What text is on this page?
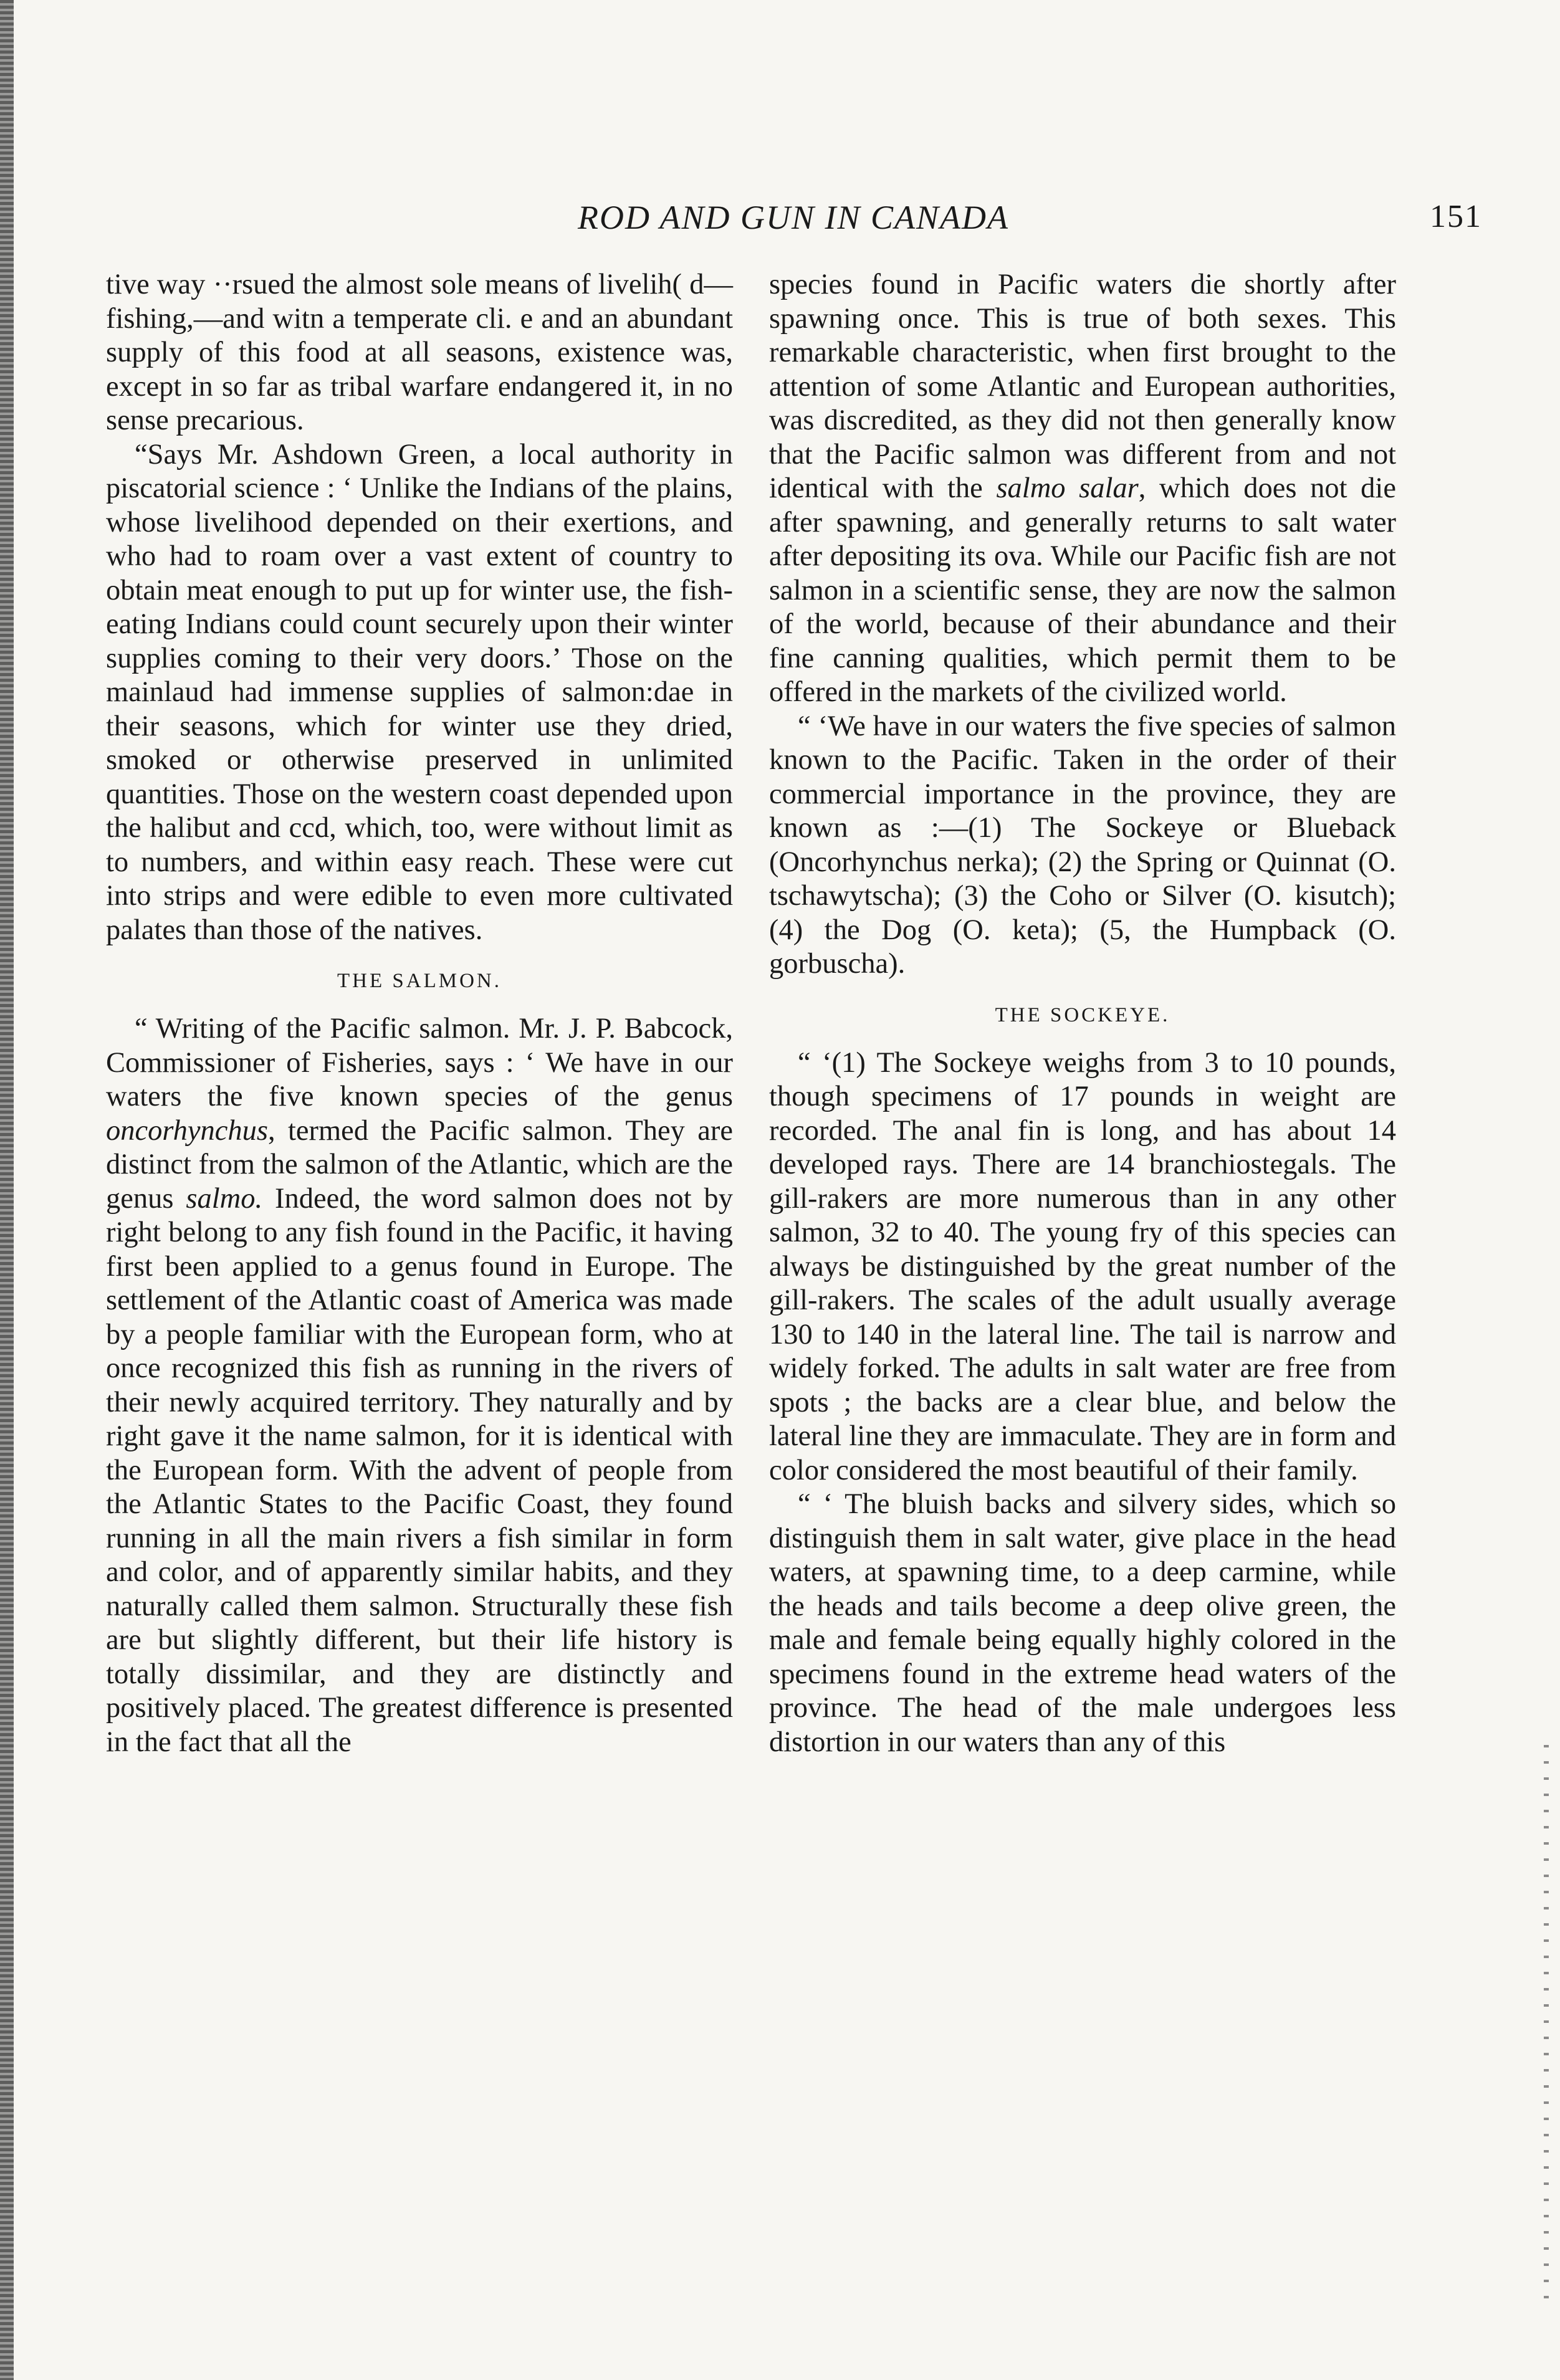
ROD AND GUN IN CANADA	151

tive way ··rsued the almost sole means of livelih( d—fishing,—and witn a temperate cli. e and an abundant supply of this food at all seasons, existence was, except in so far as tribal warfare endangered it, in no sense precarious.

“Says Mr. Ashdown Green, a local authority in piscatorial science : ‘ Unlike the Indians of the plains, whose livelihood depended on their exertions, and who had to roam over a vast extent of country to obtain meat enough to put up for winter use, the fish-eating Indians could count securely upon their winter supplies coming to their very doors.’ Those on the mainlaud had immense supplies of salmon:dae in their seasons, which for winter use they dried, smoked or otherwise preserved in unlimited quantities. Those on the western coast depended upon the halibut and ccd, which, too, were without limit as to numbers, and within easy reach. These were cut into strips and were edible to even more cultivated palates than those of the natives.

THE SALMON.

“ Writing of the Pacific salmon. Mr. J. P. Babcock, Commissioner of Fisheries, says : ‘ We have in our waters the five known species of the genus oncorhynchus, termed the Pacific salmon. They are distinct from the salmon of the Atlantic, which are the genus salmo. Indeed, the word salmon does not by right belong to any fish found in the Pacific, it having first been applied to a genus found in Europe. The settlement of the Atlantic coast of America was made by a people familiar with the European form, who at once recognized this fish as running in the rivers of their newly acquired territory. They naturally and by right gave it the name salmon, for it is identical with the European form. With the advent of people from the Atlantic States to the Pacific Coast, they found running in all the main rivers a fish similar in form and color, and of apparently similar habits, and they naturally called them salmon. Structurally these fish are but slightly different, but their life history is totally dissimilar, and they are distinctly and positively placed. The greatest difference is presented in the fact that all the

species found in Pacific waters die shortly after spawning once. This is true of both sexes. This remarkable characteristic, when first brought to the attention of some Atlantic and European authorities, was discredited, as they did not then generally know that the Pacific salmon was different from and not identical with the salmo salar, which does not die after spawning, and generally returns to salt water after depositing its ova. While our Pacific fish are not salmon in a scientific sense, they are now the salmon of the world, because of their abundance and their fine canning qualities, which permit them to be offered in the markets of the civilized world.

“ ‘We have in our waters the five species of salmon known to the Pacific. Taken in the order of their commercial importance in the province, they are known as :—(1) The Sockeye or Blueback (Oncorhynchus nerka); (2) the Spring or Quinnat (O. tschawytscha); (3) the Coho or Silver (O. kisutch); (4) the Dog (O. keta); (5, the Humpback (O. gorbuscha).

THE SOCKEYE.

“ ‘(1) The Sockeye weighs from 3 to 10 pounds, though specimens of 17 pounds in weight are recorded. The anal fin is long, and has about 14 developed rays. There are 14 branchiostegals. The gill-rakers are more numerous than in any other salmon, 32 to 40. The young fry of this species can always be distinguished by the great number of the gill-rakers. The scales of the adult usually average 130 to 140 in the lateral line. The tail is narrow and widely forked. The adults in salt water are free from spots ; the backs are a clear blue, and below the lateral line they are immaculate. They are in form and color considered the most beautiful of their family.

“ ‘ The bluish backs and silvery sides, which so distinguish them in salt water, give place in the head waters, at spawning time, to a deep carmine, while the heads and tails become a deep olive green, the male and female being equally highly colored in the specimens found in the extreme head waters of the province. The head of the male undergoes less distortion in our waters than any of this
